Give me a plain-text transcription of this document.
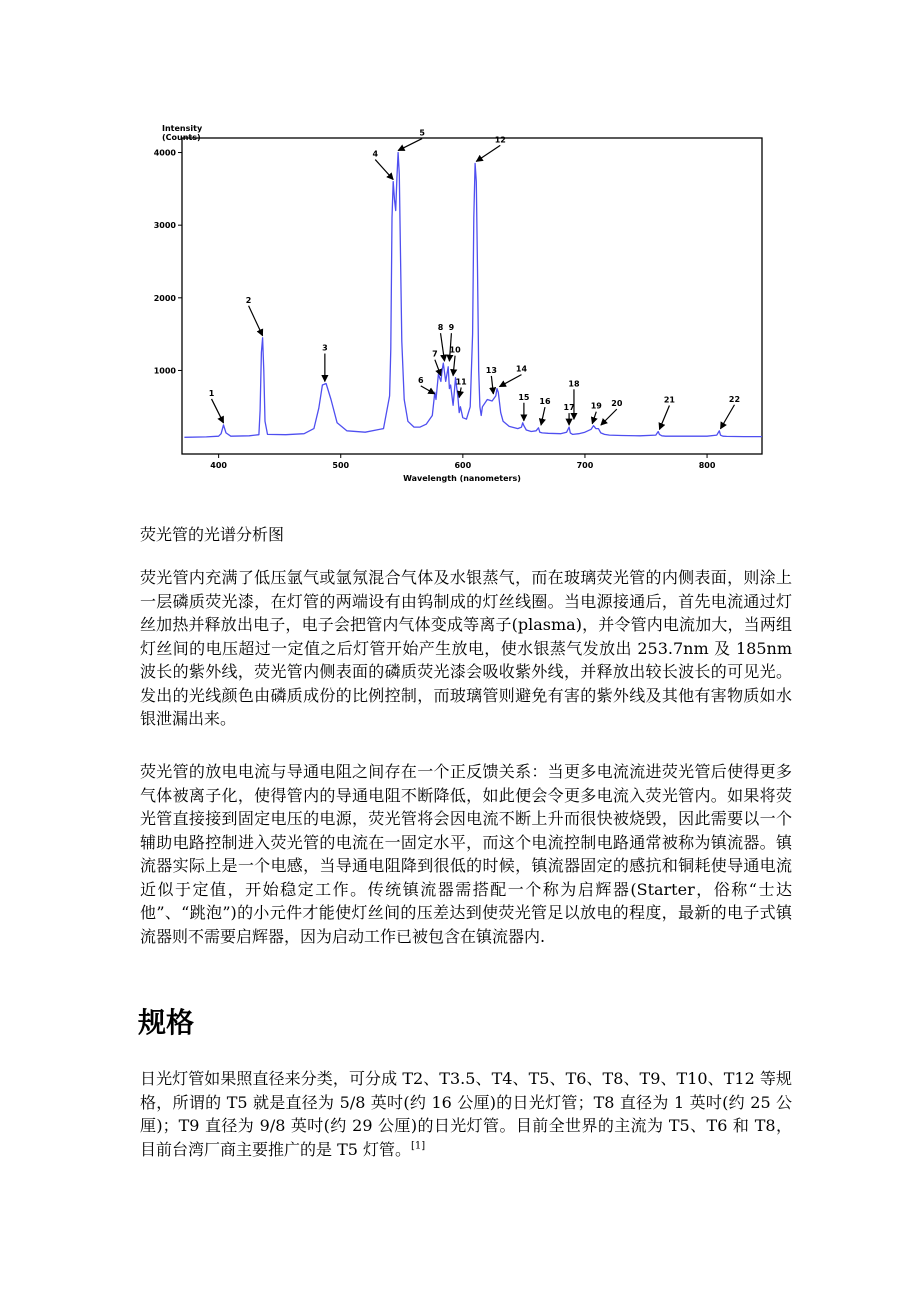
1000
2000
3000
4000
400	500	600	700	800
Intensity
(Counts)
Wavelength (nanometers)
1
2
3
4
5
6
7
8 9
10
11
12
13 14
15 16
17
18
19 20	21	22
荧光管的光谱分析图

荧光管内充满了低压氩气或氩氖混合气体及水银蒸气，而在玻璃荧光管的内侧表面，则涂上一层磷质荧光漆，在灯管的两端设有由钨制成的灯丝线圈。当电源接通后，首先电流通过灯丝加热并释放出电子，电子会把管内气体变成等离子(plasma)，并令管内电流加大，当两组灯丝间的电压超过一定值之后灯管开始产生放电，使水银蒸气发放出 253.7nm 及 185nm 波长的紫外线，荧光管内侧表面的磷质荧光漆会吸收紫外线，并释放出较长波长的可见光。发出的光线颜色由磷质成份的比例控制，而玻璃管则避免有害的紫外线及其他有害物质如水银泄漏出来。

荧光管的放电电流与导通电阻之间存在一个正反馈关系：当更多电流流进荧光管后使得更多气体被离子化，使得管内的导通电阻不断降低，如此便会令更多电流入荧光管内。如果将荧光管直接接到固定电压的电源，荧光管将会因电流不断上升而很快被烧毁，因此需要以一个辅助电路控制进入荧光管的电流在一固定水平，而这个电流控制电路通常被称为镇流器。镇流器实际上是一个电感，当导通电阻降到很低的时候，镇流器固定的感抗和铜耗使导通电流近似于定值，开始稳定工作。传统镇流器需搭配一个称为启辉器(Starter，俗称“士达他”、“跳泡”)的小元件才能使灯丝间的压差达到使荧光管足以放电的程度，最新的电子式镇流器则不需要启辉器，因为启动工作已被包含在镇流器内.

规格

日光灯管如果照直径来分类，可分成 T2、T3.5、T4、T5、T6、T8、T9、T10、T12 等规格，所谓的 T5 就是直径为 5/8 英吋(约 16 公厘)的日光灯管；T8 直径为 1 英吋(约 25 公厘)；T9 直径为 9/8 英吋(约 29 公厘)的日光灯管。目前全世界的主流为 T5、T6 和 T8，目前台湾厂商主要推广的是 T5 灯管。[1]
